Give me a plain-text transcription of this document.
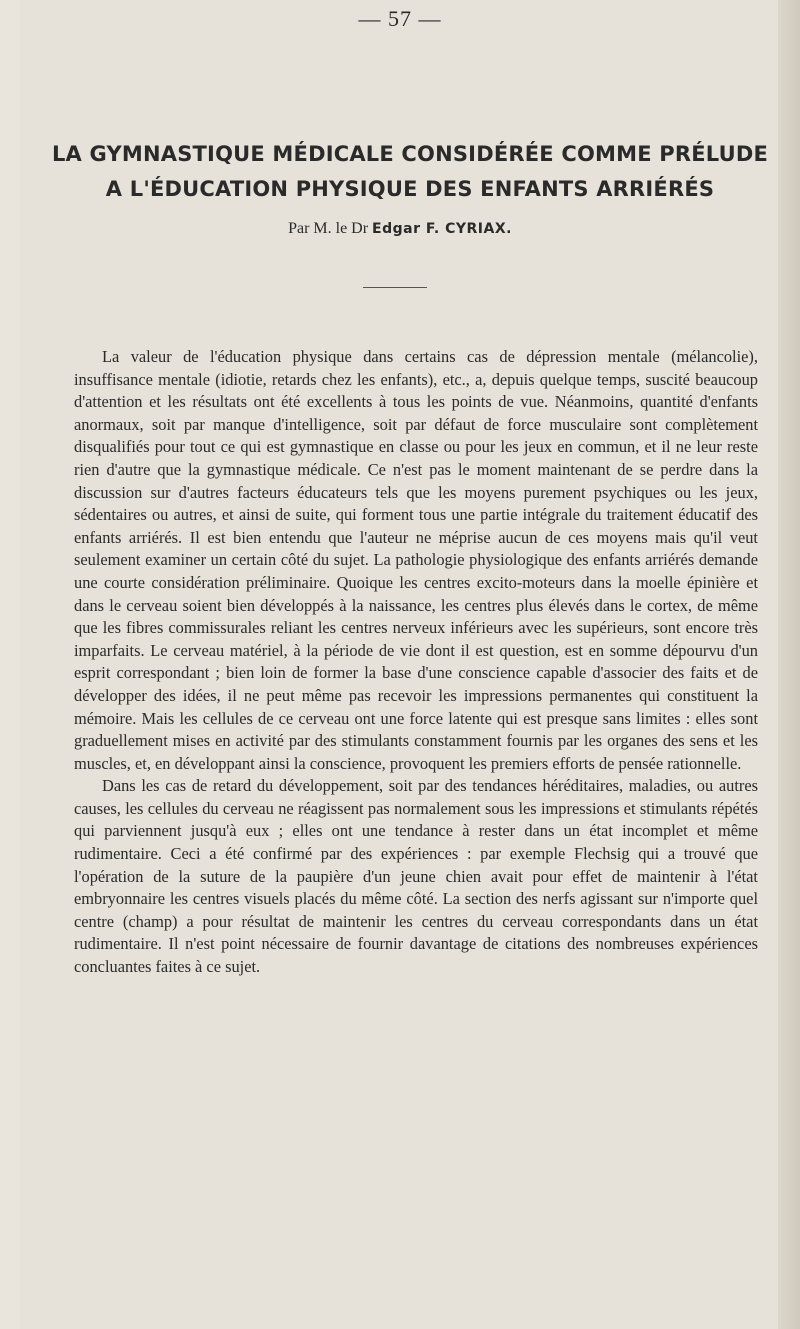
— 57 —
LA GYMNASTIQUE MÉDICALE CONSIDÉRÉE COMME PRÉLUDE
A L'ÉDUCATION PHYSIQUE DES ENFANTS ARRIÉRÉS
Par M. le Dr Edgar F. CYRIAX.

La valeur de l'éducation physique dans certains cas de dépression mentale (mélancolie), insuffisance mentale (idiotie, retards chez les enfants), etc., a, depuis quelque temps, suscité beaucoup d'attention et les résultats ont été excellents à tous les points de vue. Néanmoins, quantité d'enfants anormaux, soit par manque d'intelligence, soit par défaut de force musculaire sont complètement disqualifiés pour tout ce qui est gymnastique en classe ou pour les jeux en commun, et il ne leur reste rien d'autre que la gymnastique médicale. Ce n'est pas le moment maintenant de se perdre dans la discussion sur d'autres facteurs éducateurs tels que les moyens purement psychiques ou les jeux, sédentaires ou autres, et ainsi de suite, qui forment tous une partie intégrale du traitement éducatif des enfants arriérés. Il est bien entendu que l'auteur ne méprise aucun de ces moyens mais qu'il veut seulement examiner un certain côté du sujet. La pathologie physiologique des enfants arriérés demande une courte considération préliminaire. Quoique les centres excito-moteurs dans la moelle épinière et dans le cerveau soient bien développés à la naissance, les centres plus élevés dans le cortex, de même que les fibres commissurales reliant les centres nerveux inférieurs avec les supérieurs, sont encore très imparfaits. Le cerveau matériel, à la période de vie dont il est question, est en somme dépourvu d'un esprit correspondant ; bien loin de former la base d'une conscience capable d'associer des faits et de développer des idées, il ne peut même pas recevoir les impressions permanentes qui constituent la mémoire. Mais les cellules de ce cerveau ont une force latente qui est presque sans limites : elles sont graduellement mises en activité par des stimulants constamment fournis par les organes des sens et les muscles, et, en développant ainsi la conscience, provoquent les premiers efforts de pensée rationnelle.

Dans les cas de retard du développement, soit par des tendances héréditaires, maladies, ou autres causes, les cellules du cerveau ne réagissent pas normalement sous les impressions et stimulants répétés qui parviennent jusqu'à eux ; elles ont une tendance à rester dans un état incomplet et même rudimentaire. Ceci a été confirmé par des expériences : par exemple Flechsig qui a trouvé que l'opération de la suture de la paupière d'un jeune chien avait pour effet de maintenir à l'état embryonnaire les centres visuels placés du même côté. La section des nerfs agissant sur n'importe quel centre (champ) a pour résultat de maintenir les centres du cerveau correspondants dans un état rudimentaire. Il n'est point nécessaire de fournir davantage de citations des nombreuses expériences concluantes faites à ce sujet.
